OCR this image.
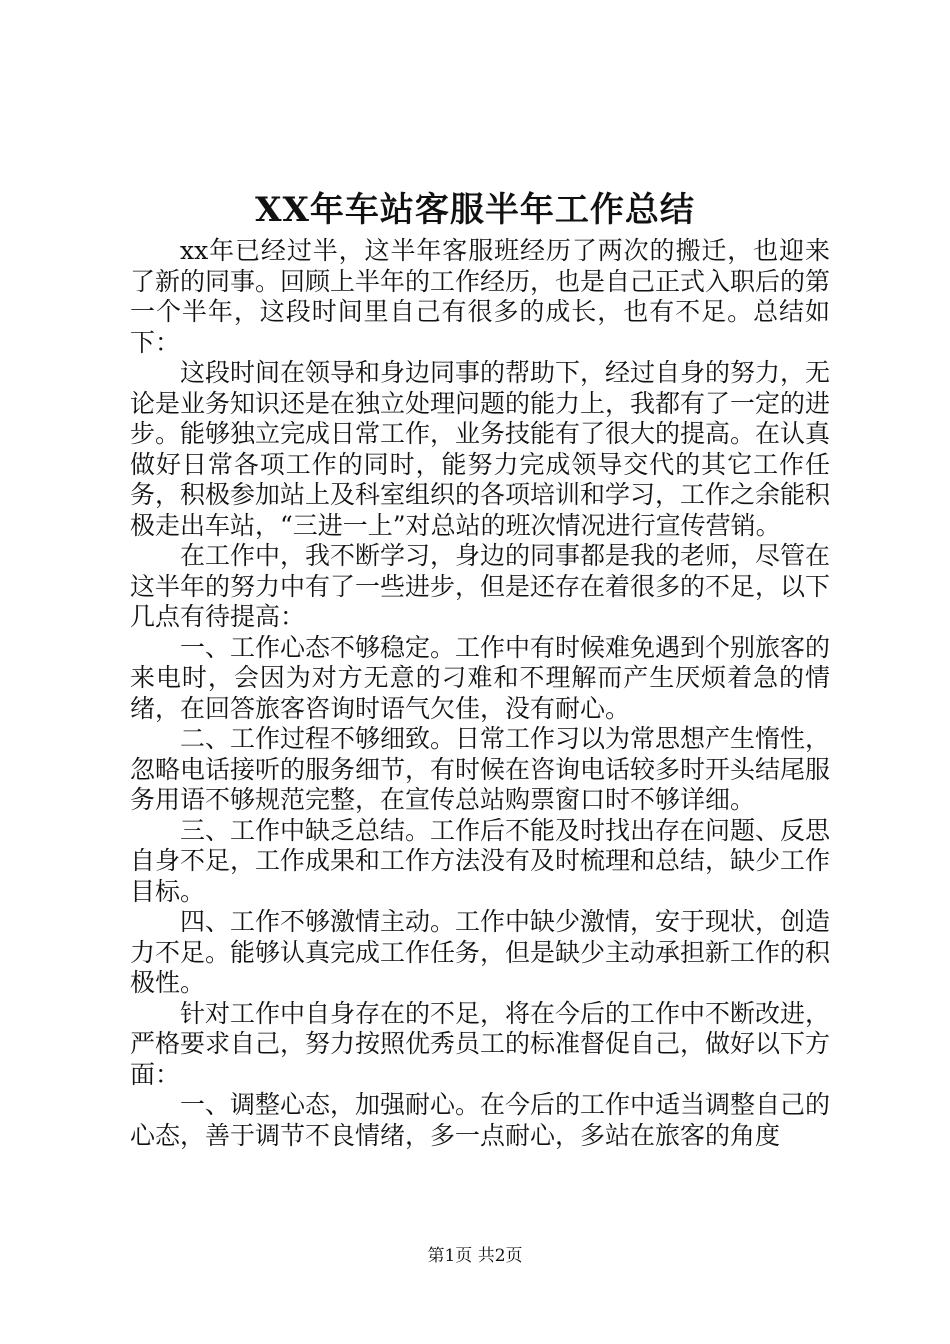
XX年车站客服半年工作总结

xx年已经过半，这半年客服班经历了两次的搬迁，也迎来了新的同事。回顾上半年的工作经历，也是自己正式入职后的第一个半年，这段时间里自己有很多的成长，也有不足。总结如下：

这段时间在领导和身边同事的帮助下，经过自身的努力，无论是业务知识还是在独立处理问题的能力上，我都有了一定的进步。能够独立完成日常工作，业务技能有了很大的提高。在认真做好日常各项工作的同时，能努力完成领导交代的其它工作任务，积极参加站上及科室组织的各项培训和学习，工作之余能积极走出车站，“三进一上”对总站的班次情况进行宣传营销。

在工作中，我不断学习，身边的同事都是我的老师，尽管在这半年的努力中有了一些进步，但是还存在着很多的不足，以下几点有待提高：

一、工作心态不够稳定。工作中有时候难免遇到个别旅客的来电时，会因为对方无意的刁难和不理解而产生厌烦着急的情绪，在回答旅客咨询时语气欠佳，没有耐心。

二、工作过程不够细致。日常工作习以为常思想产生惰性，忽略电话接听的服务细节，有时候在咨询电话较多时开头结尾服务用语不够规范完整，在宣传总站购票窗口时不够详细。

三、工作中缺乏总结。工作后不能及时找出存在问题、反思自身不足，工作成果和工作方法没有及时梳理和总结，缺少工作目标。

四、工作不够激情主动。工作中缺少激情，安于现状，创造力不足。能够认真完成工作任务，但是缺少主动承担新工作的积极性。

针对工作中自身存在的不足，将在今后的工作中不断改进，严格要求自己，努力按照优秀员工的标准督促自己，做好以下方面：

一、调整心态，加强耐心。在今后的工作中适当调整自己的心态，善于调节不良情绪，多一点耐心，多站在旅客的角度

第1页 共2页
